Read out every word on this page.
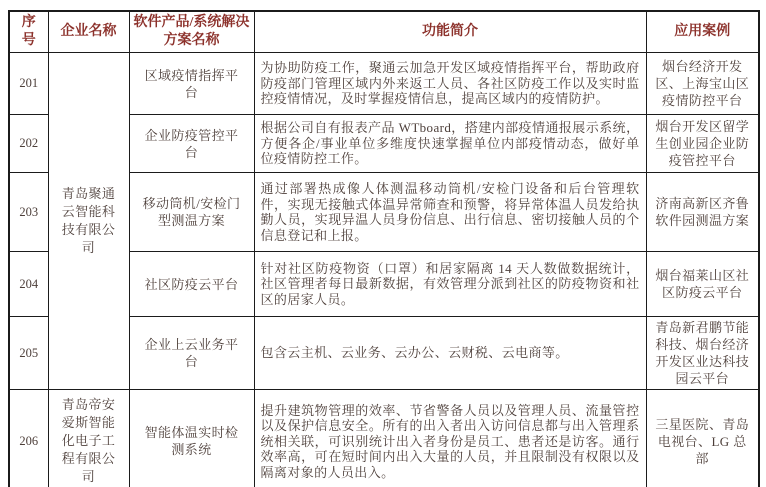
序号	企业名称	软件产品/系统解决方案名称	功能简介	应用案例
201	青岛聚通云智能科技有限公司	区域疫情指挥平台	为协助防疫工作，聚通云加急开发区域疫情指挥平台，帮助政府防疫部门管理区域内外来返工人员、各社区防疫工作以及实时监控疫情情况，及时掌握疫情信息，提高区域内的疫情防护。	烟台经济开发区、上海宝山区疫情防控平台
202		企业防疫管控平台	根据公司自有报表产品 WTboard，搭建内部疫情通报展示系统，方便各企/事业单位多维度快速掌握单位内部疫情动态，做好单位疫情防控工作。	烟台开发区留学生创业园企业防疫管控平台
203		移动筒机/安检门型测温方案	通过部署热成像人体测温移动筒机/安检门设备和后台管理软件，实现无接触式体温异常筛查和预警，将异常体温人员发给执勤人员，实现异温人员身份信息、出行信息、密切接触人员的个信息登记和上报。	济南高新区齐鲁软件园测温方案
204		社区防疫云平台	针对社区防疫物资（口罩）和居家隔离 14 天人数做数据统计，社区管理者每日最新数据，有效管理分派到社区的防疫物资和社区的居家人员。	烟台福莱山区社区防疫云平台
205		企业上云业务平台	包含云主机、云业务、云办公、云财税、云电商等。	青岛新君鹏节能科技、烟台经济开发区业达科技园云平台
206	青岛帝安爱斯智能化电子工程有限公司	智能体温实时检测系统	提升建筑物管理的效率、节省警备人员以及管理人员、流量管控以及保护信息安全。所有的出入者出入访问信息都与出入管理系统相关联，可识别统计出入者身份是员工、患者还是访客。通行效率高，可在短时间内出入大量的人员，并且限制没有权限以及隔离对象的人员出入。	三星医院、青岛电视台、LG 总部
